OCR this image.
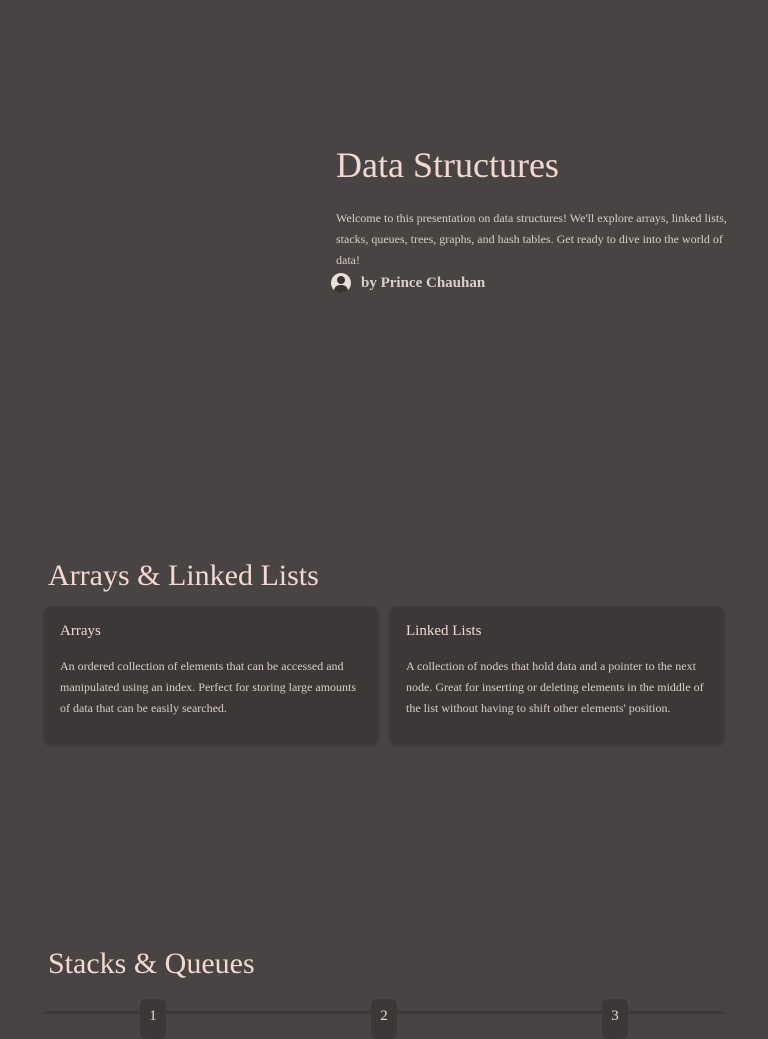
Data Structures

Welcome to this presentation on data structures! We'll explore arrays, linked lists, stacks, queues, trees, graphs, and hash tables. Get ready to dive into the world of data!

by Prince Chauhan
Arrays & Linked Lists
Arrays

An ordered collection of elements that can be accessed and manipulated using an index. Perfect for storing large amounts of data that can be easily searched.

Linked Lists

A collection of nodes that hold data and a pointer to the next node. Great for inserting or deleting elements in the middle of the list without having to shift other elements' position.

Stacks & Queues
1	2	3
